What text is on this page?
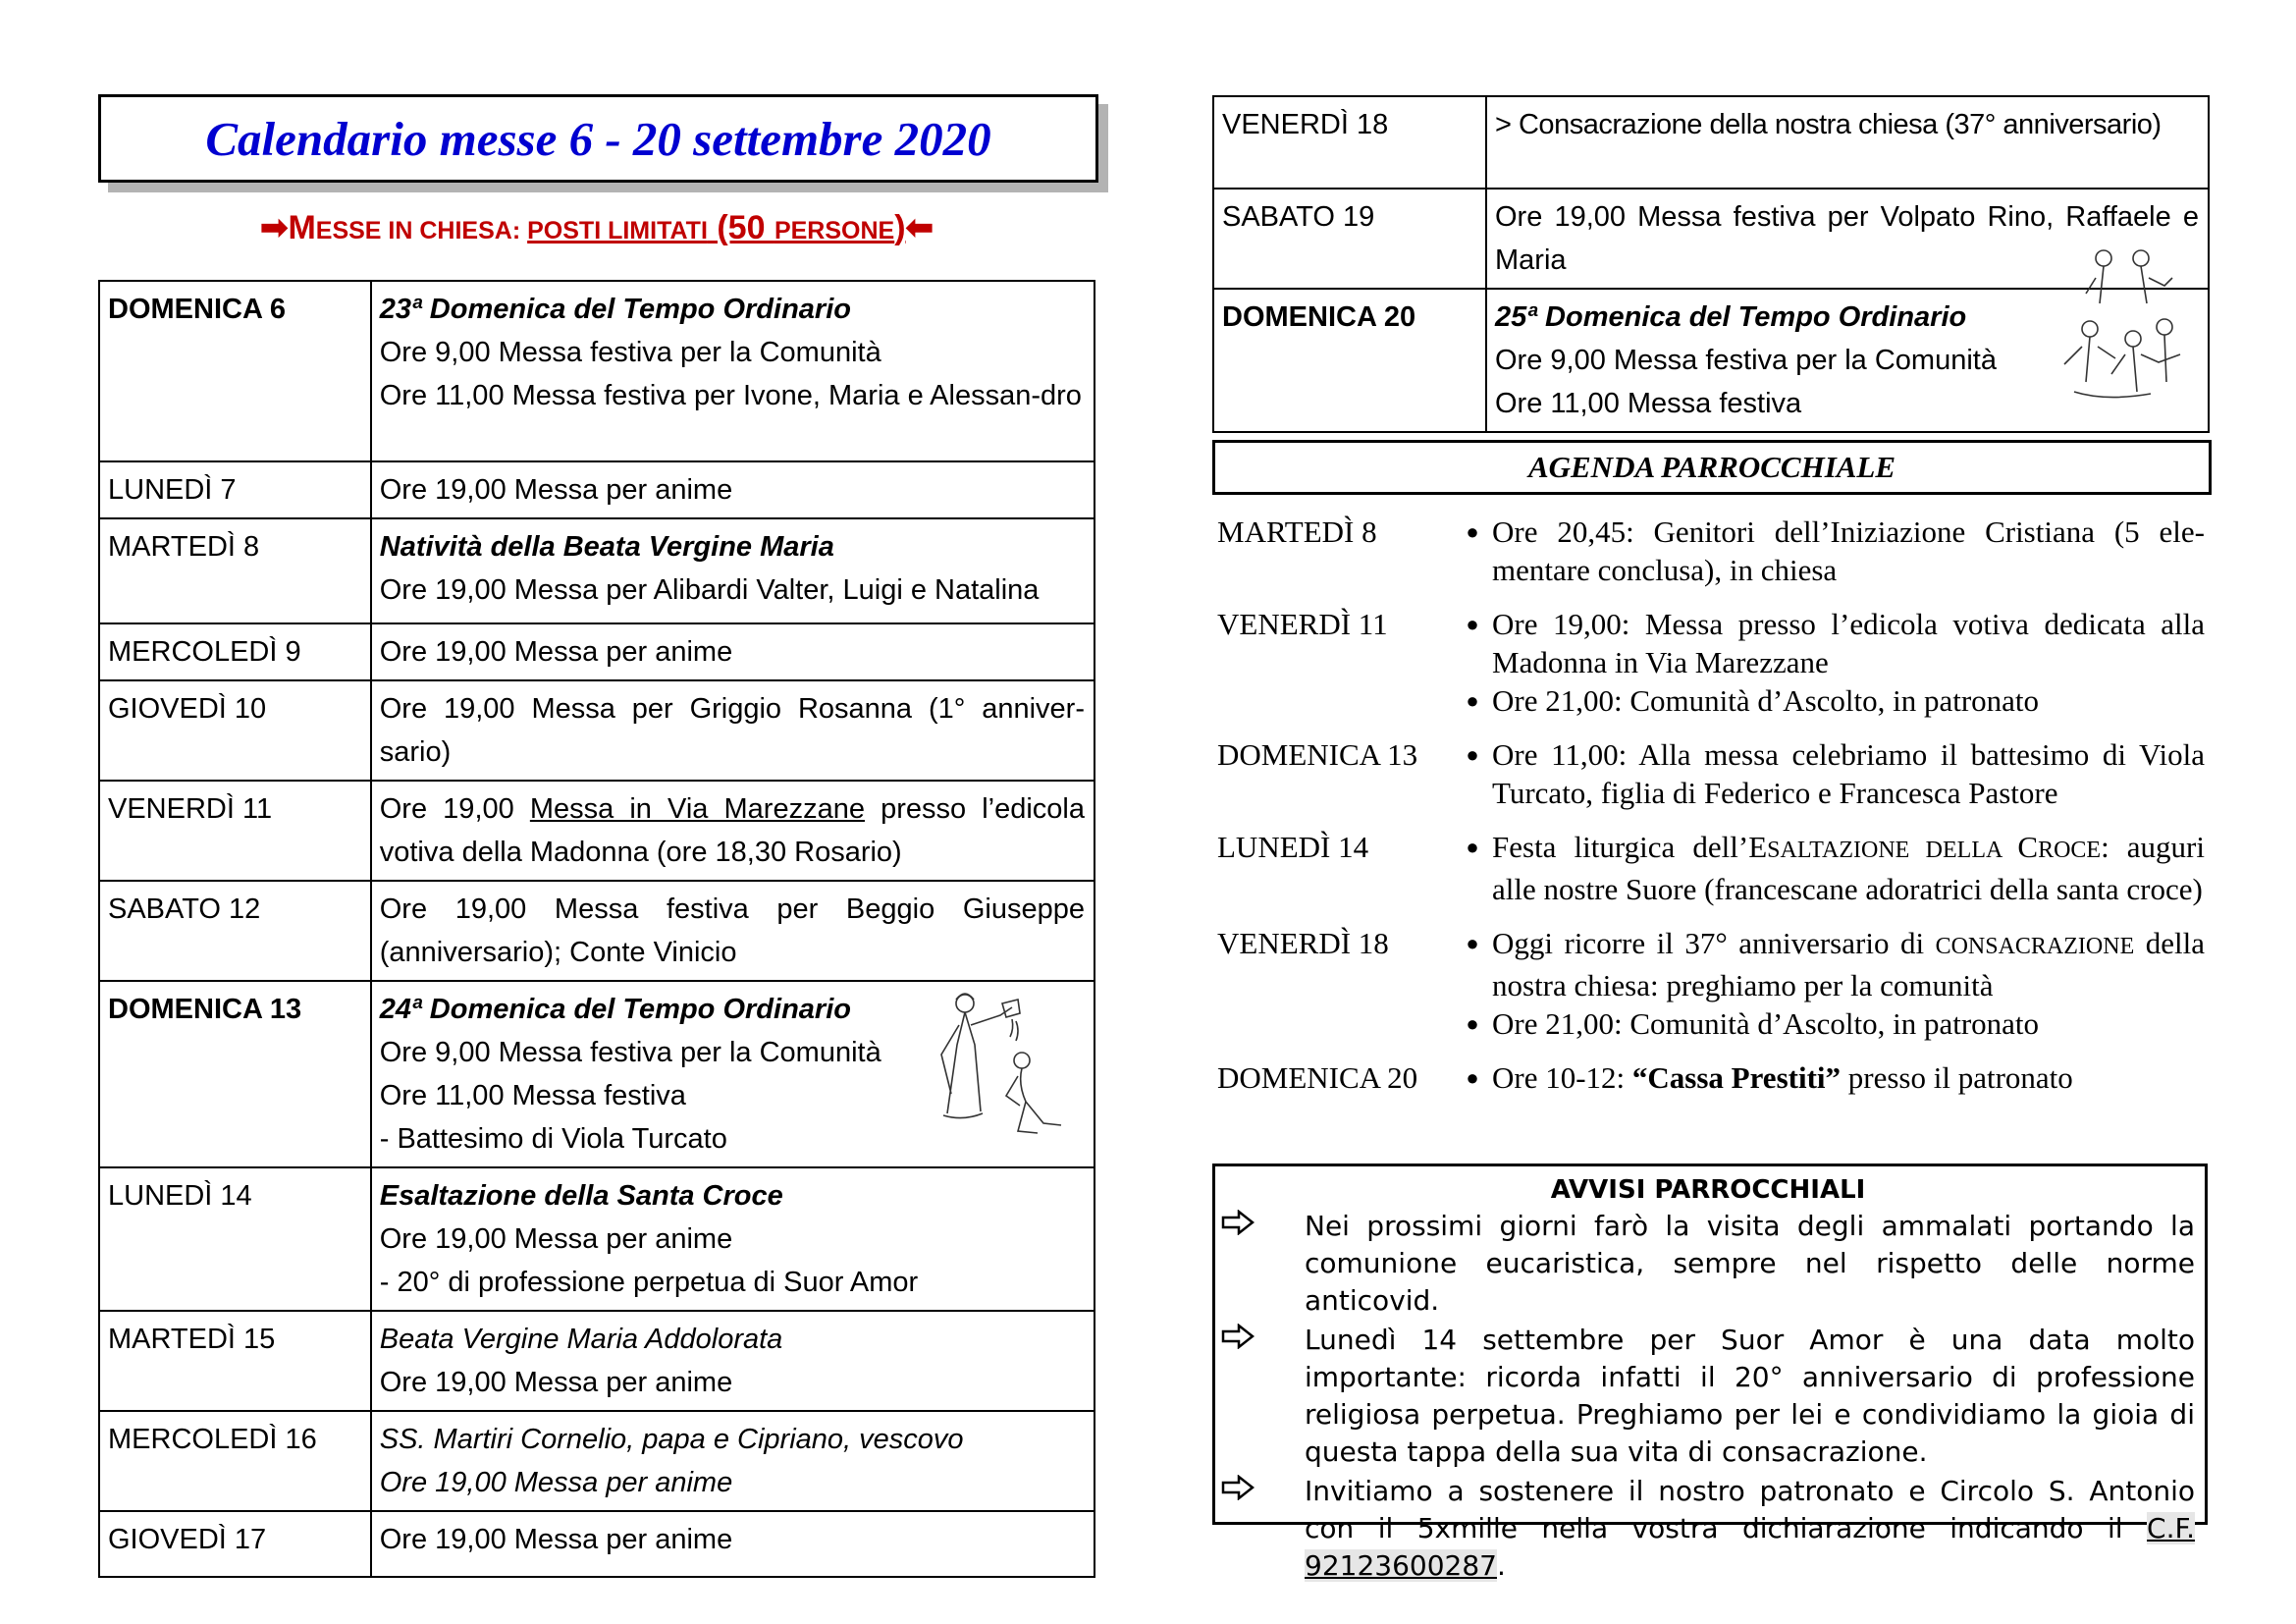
Calendario messe 6 - 20 settembre 2020
➡MESSE IN CHIESA: POSTI LIMITATI (50 PERSONE)⬅
DOMENICA 6	23ª Domenica del Tempo Ordinario
Ore 9,00 Messa festiva per la Comunità
Ore 11,00 Messa festiva per Ivone, Maria e Alessan-dro

LUNEDÌ 7	Ore 19,00 Messa per anime

MARTEDÌ 8	Natività della Beata Vergine Maria
Ore 19,00 Messa per Alibardi Valter, Luigi e Natalina

MERCOLEDÌ 9	Ore 19,00 Messa per anime

GIOVEDÌ 10	Ore 19,00 Messa per Griggio Rosanna (1° anniver-sario)

VENERDÌ 11	Ore 19,00 Messa in Via Marezzane presso l’edicola votiva della Madonna (ore 18,30 Rosario)

SABATO 12	Ore 19,00 Messa festiva per Beggio Giuseppe (anniversario); Conte Vinicio

DOMENICA 13	24ª Domenica del Tempo Ordinario
Ore 9,00 Messa festiva per la Comunità
Ore 11,00 Messa festiva
- Battesimo di Viola Turcato

LUNEDÌ 14	Esaltazione della Santa Croce
Ore 19,00 Messa per anime
- 20° di professione perpetua di Suor Amor

MARTEDÌ 15	Beata Vergine Maria Addolorata
Ore 19,00 Messa per anime

MERCOLEDÌ 16	SS. Martiri Cornelio, papa e Cipriano, vescovo
Ore 19,00 Messa per anime

GIOVEDÌ 17	Ore 19,00 Messa per anime
VENERDÌ 18	> Consacrazione della nostra chiesa (37° anniversario)

SABATO 19	Ore 19,00 Messa festiva per Volpato Rino, Raffaele e Maria

DOMENICA 20	25ª Domenica del Tempo Ordinario
Ore 9,00 Messa festiva per la Comunità
Ore 11,00 Messa festiva
AGENDA PARROCCHIALE
MARTEDÌ 8	● Ore 20,45: Genitori dell’Iniziazione Cristiana (5 ele-mentare conclusa), in chiesa
VENERDÌ 11	● Ore 19,00: Messa presso l’edicola votiva dedicata alla Madonna in Via Marezzane
● Ore 21,00: Comunità d’Ascolto, in patronato
DOMENICA 13	● Ore 11,00: Alla messa celebriamo il battesimo di Viola Turcato, figlia di Federico e Francesca Pastore
LUNEDÌ 14	● Festa liturgica dell’ESALTAZIONE DELLA CROCE: auguri alle nostre Suore (francescane adoratrici della santa croce)
VENERDÌ 18	● Oggi ricorre il 37° anniversario di CONSACRAZIONE della nostra chiesa: preghiamo per la comunità
● Ore 21,00: Comunità d’Ascolto, in patronato
DOMENICA 20	● Ore 10-12: “Cassa Prestiti” presso il patronato
AVVISI PARROCCHIALI
Nei prossimi giorni farò la visita degli ammalati portando la comunione eucaristica, sempre nel rispetto delle norme anticovid.
Lunedì 14 settembre per Suor Amor è una data molto importante: ricorda infatti il 20° anniversario di professione religiosa perpetua. Preghiamo per lei e condividiamo la gioia di questa tappa della sua vita di consacrazione.
Invitiamo a sostenere il nostro patronato e Circolo S. Antonio con il 5xmille nella vostra dichiarazione indicando il C.F. 92123600287.
